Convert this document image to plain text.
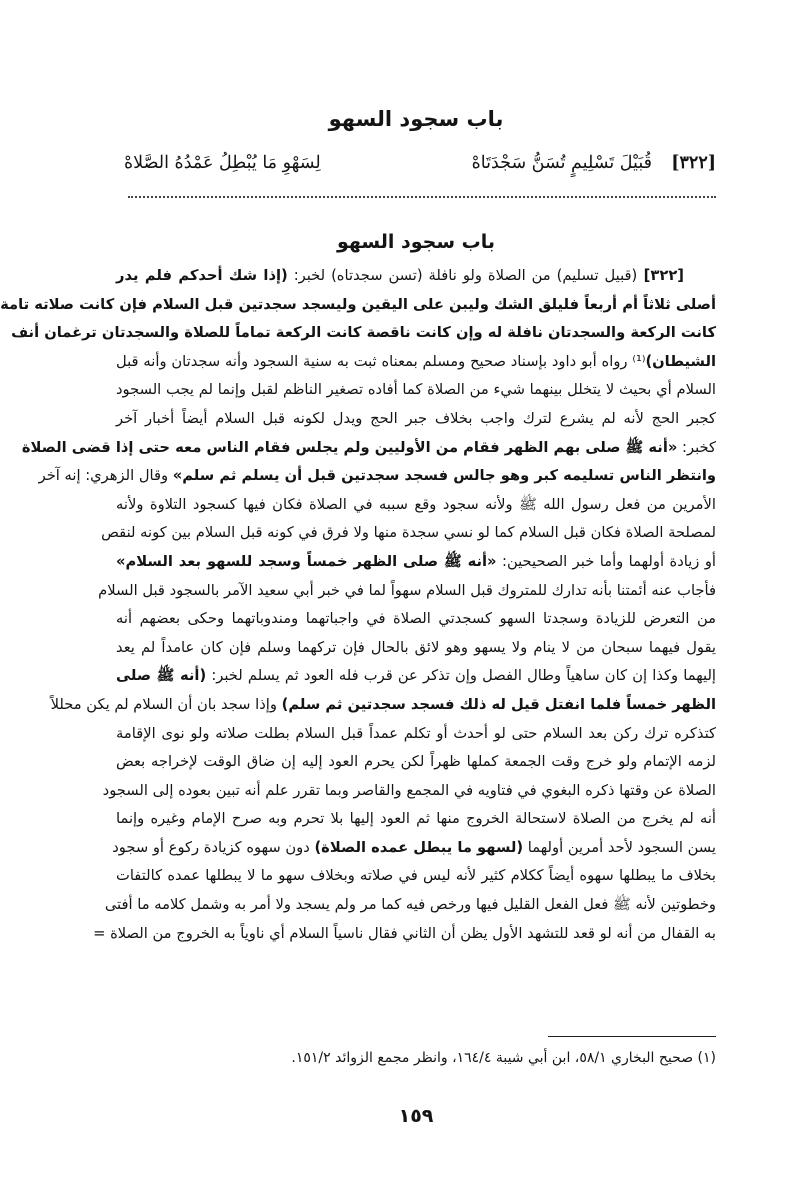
باب سجود السهو
[٣٢٢]
قُبَيْلَ تَسْلِيمٍ تُسَنُّ سَجْدَتَاهْ
لِسَهْوِ مَا يُبْطِلُ عَمْدُهُ الصَّلاهْ
باب سجود السهو
[٣٢٢] (قبيل تسليم) من الصلاة ولو نافلة (تسن سجدتاه) لخبر: (إذا شك أحدكم فلم يدر
أصلى ثلاثاً أم أربعاً فليلق الشك وليبن على اليقين وليسجد سجدتين قبل السلام فإن كانت صلاته تامة
كانت الركعة والسجدتان نافلة له وإن كانت ناقصة كانت الركعة تماماً للصلاة والسجدتان ترغمان أنف
الشيطان)⁽¹⁾ رواه أبو داود بإسناد صحيح ومسلم بمعناه ثبت به سنية السجود وأنه سجدتان وأنه قبل
السلام أي بحيث لا يتخلل بينهما شيء من الصلاة كما أفاده تصغير الناظم لقبل وإنما لم يجب السجود
كجبر الحج لأنه لم يشرع لترك واجب بخلاف جبر الحج ويدل لكونه قبل السلام أيضاً أخبار آخر
كخبر: «أنه ﷺ صلى بهم الظهر فقام من الأوليين ولم يجلس فقام الناس معه حتى إذا قضى الصلاة
وانتظر الناس تسليمه كبر وهو جالس فسجد سجدتين قبل أن يسلم ثم سلم» وقال الزهري: إنه آخر
الأمرين من فعل رسول الله ﷺ ولأنه سجود وقع سببه في الصلاة فكان فيها كسجود التلاوة ولأنه
لمصلحة الصلاة فكان قبل السلام كما لو نسي سجدة منها ولا فرق في كونه قبل السلام بين كونه لنقص
أو زيادة أولهما وأما خبر الصحيحين: «أنه ﷺ صلى الظهر خمساً وسجد للسهو بعد السلام»
فأجاب عنه أئمتنا بأنه تدارك للمتروك قبل السلام سهواً لما في خبر أبي سعيد الآمر بالسجود قبل السلام
من التعرض للزيادة وسجدتا السهو كسجدتي الصلاة في واجباتهما ومندوباتهما وحكى بعضهم أنه
يقول فيهما سبحان من لا ينام ولا يسهو وهو لائق بالحال فإن تركهما وسلم فإن كان عامداً لم يعد
إليهما وكذا إن كان ساهياً وطال الفصل وإن تذكر عن قرب فله العود ثم يسلم لخبر: (أنه ﷺ صلى
الظهر خمساً فلما انفتل قيل له ذلك فسجد سجدتين ثم سلم) وإذا سجد بان أن السلام لم يكن محللاً
كتذكره ترك ركن بعد السلام حتى لو أحدث أو تكلم عمداً قبل السلام بطلت صلاته ولو نوى الإقامة
لزمه الإتمام ولو خرج وقت الجمعة كملها ظهراً لكن يحرم العود إليه إن ضاق الوقت لإخراجه بعض
الصلاة عن وقتها ذكره البغوي في فتاويه في المجمع والقاصر وبما تقرر علم أنه تبين بعوده إلى السجود
أنه لم يخرج من الصلاة لاستحالة الخروج منها ثم العود إليها بلا تحرم وبه صرح الإمام وغيره وإنما
يسن السجود لأحد أمرين أولهما (لسهو ما يبطل عمده الصلاة) دون سهوه كزيادة ركوع أو سجود
بخلاف ما يبطلها سهوه أيضاً ككلام كثير لأنه ليس في صلاته وبخلاف سهو ما لا يبطلها عمده كالتفات
وخطوتين لأنه ﷺ فعل الفعل القليل فيها ورخص فيه كما مر ولم يسجد ولا أمر به وشمل كلامه ما أفتى
به القفال من أنه لو قعد للتشهد الأول يظن أن الثاني فقال ناسياً السلام أي ناوياً به الخروج من الصلاة =
(١) صحيح البخاري ٥٨/١، ابن أبي شيبة ١٦٤/٤، وانظر مجمع الزوائد ١٥١/٢.
١٥٩
